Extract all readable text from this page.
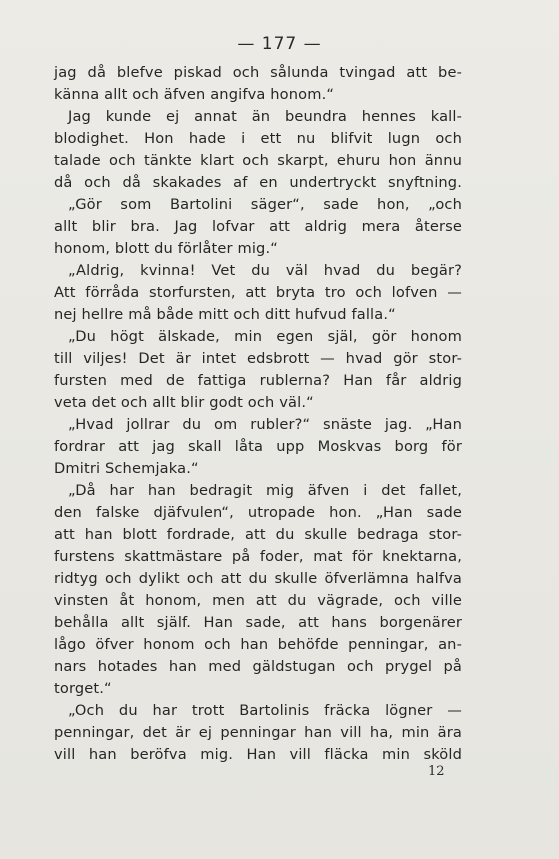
— 177 —
jag då blefve piskad och sålunda tvingad att be-
känna allt och äfven angifva honom.“
Jag kunde ej annat än beundra hennes kall-
blodighet. Hon hade i ett nu blifvit lugn och
talade och tänkte klart och skarpt, ehuru hon ännu
då och då skakades af en undertryckt snyftning.
„Gör som Bartolini säger“, sade hon, „och
allt blir bra. Jag lofvar att aldrig mera återse
honom, blott du förlåter mig.“
„Aldrig, kvinna! Vet du väl hvad du begär?
Att förråda storfursten, att bryta tro och lofven —
nej hellre må både mitt och ditt hufvud falla.“
„Du högt älskade, min egen själ, gör honom
till viljes! Det är intet edsbrott — hvad gör stor-
fursten med de fattiga rublerna? Han får aldrig
veta det och allt blir godt och väl.“
„Hvad jollrar du om rubler?“ snäste jag. „Han
fordrar att jag skall låta upp Moskvas borg för
Dmitri Schemjaka.“
„Då har han bedragit mig äfven i det fallet,
den falske djäfvulen“, utropade hon. „Han sade
att han blott fordrade, att du skulle bedraga stor-
furstens skattmästare på foder, mat för knektarna,
ridtyg och dylikt och att du skulle öfverlämna halfva
vinsten åt honom, men att du vägrade, och ville
behålla allt själf. Han sade, att hans borgenärer
lågo öfver honom och han behöfde penningar, an-
nars hotades han med gäldstugan och prygel på
torget.“
„Och du har trott Bartolinis fräcka lögner —
penningar, det är ej penningar han vill ha, min ära
vill han beröfva mig. Han vill fläcka min sköld
12
